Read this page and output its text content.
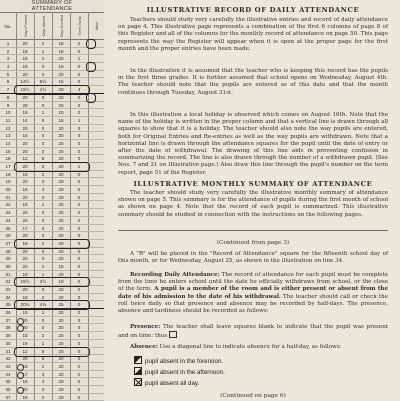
SUMMARY OF
ATTENDANCE
No.	Days Present	Days Absent	Days Enrolled	Times Tardy	Mark
1	20	2	18	2
2	19	1	18	0
3	18	2	20	1
4	19	0	19	0
5	20	0	20	0
6	14½	5½	15	0
7	15½	1½	20	4
8	20	0	20	0
9	20	0	20	0
10	19	1	20	0
11	14	6	18	1
12	20	0	20	0
13	16	4	20	0
14	20	0	20	0
15	20	0	20	0
16	12	8	20	0
17	20	0	20	1
18	18	2	20	0
19	20	0	20	0
20	16	4	20	0
21	20	0	20	0
22	19	1	20	0
23	20	0	20	0
24	20	0	20	0
25	17	3	20	0
26	20	0	20	0
27	18	2	20	0
28	20	0	20	0
29	20	0	20	0
30	20	2	18	0
31	19	1	20	0
32	15½	3½	19	0
33	20	0	20	0
34	18	2	20	0
35	20½	4½	25	0
36	19	1	20	0
37	20	0	20	0
38	20	0	20	0
39	18	2	20	0
40	19	1	20	0
41	12	8	20	0
42	20	0	20	0
43	18	2	20	0
44	17	3	20	0
45	16	4	20	0
46	20	0	20	0
47	18	2	20	0
ILLUSTRATIVE RECORD OF DAILY ATTENDANCE
Teachers should study very carefully the illustrative entries and record of daily attendance on page 4. This illustrative page represents a combination of the first 6 columns of page 8 of this Register and all of the columns for the monthly record of attendance on page 50. This page represents the way the Register will appear when it is open at the proper page for the first month and the proper entries have been made.
In the illustration it is assumed that the teacher who is keeping this record has the pupils in the first three grades. It is further assumed that school opens on Wednesday, August 4th. The teacher should note that the pupils are entered as of this date and that the month continues through Tuesday, August 31st.
In this illustration a local holiday is observed which comes on August 16th. Note that the name of the holiday is written in the proper column and that a vertical line is drawn through all squares to show that it is a holiday. The teacher should also note the way pupils are entered, both for Original Entries and Re-entries as well as the way pupils are withdrawn. Note that a horizontal line is drawn through the attendance squares for the pupil until the date of entry or after the date of withdrawal. The drawing of this line aids in preventing confusion in summarizing the record. The line is also drawn through the number of a withdrawn pupil. (See Nos. 7 and 21 on Illustrative page.) Also draw this line through the pupil's number on the term report, page 51 of the Register.
ILLUSTRATIVE MONTHLY SUMMARY OF ATTENDANCE
The teacher should study very carefully the illustrative monthly summary of attendance shown on page 5. This summary is for the attendance of pupils during the first month of school as shown on page 4. Note that the record of each pupil is summarized. This illustrative summary should be studied in connection with the instructions on the following pages.
(Continued from page 3)
A "R" will be placed in the "Record of Attendance" square for the fifteenth school day of this month, or for Wednesday, August 25, as shown in the illustration on line 34.
Recording Daily Attendance: The record of attendance for each pupil must be complete from the time he enters school until the date he officially withdraws from school, or the close of the term. A pupil is a member of the room and is either present or absent from the date of his admission to the date of his withdrawal. The teacher should call or check the roll twice daily so that presence and absence may be recorded by half-days. The presence, absence and tardiness should be recorded as follows:
Presence: The teacher shall leave squares blank to indicate that the pupil was present and on time: thus
Absence: Use a diagonal line to indicate absence for a half-day, as follows:
pupil absent in the forenoon.
pupil absent in the afternoon.
pupil absent all day.
(Continued on page 6)
